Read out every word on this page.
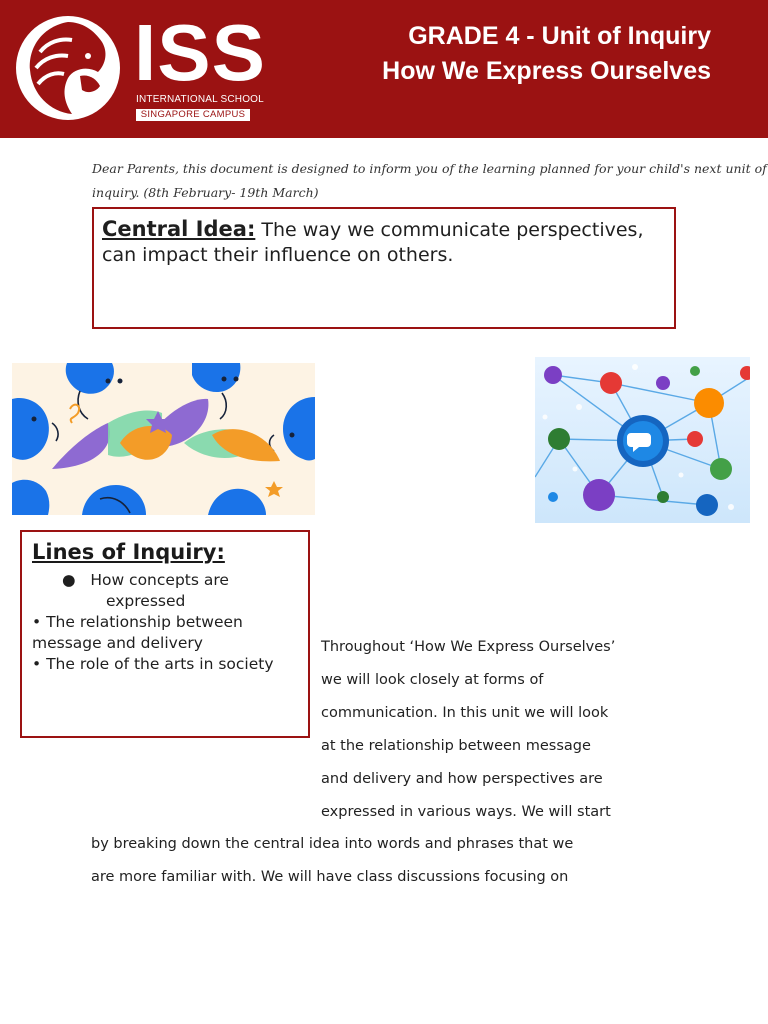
ISS
INTERNATIONAL SCHOOL
SINGAPORE CAMPUS
GRADE 4 - Unit of Inquiry
How We Express Ourselves
Dear Parents, this document is designed to inform you of the learning planned for your child's next unit of
inquiry. (8th February- 19th March)
Central Idea: The way we communicate perspectives, can impact their influence on others.
Lines of Inquiry:
●   How concepts are
expressed
• The relationship between message and delivery
• The role of the arts in society
Throughout ‘How We Express Ourselves’
we will look closely at forms of
communication. In this unit we will look
at the relationship between message
and delivery and how perspectives are
expressed in various ways. We will start
by breaking down the central idea into words and phrases that we
are more familiar with. We will have class discussions focusing on
